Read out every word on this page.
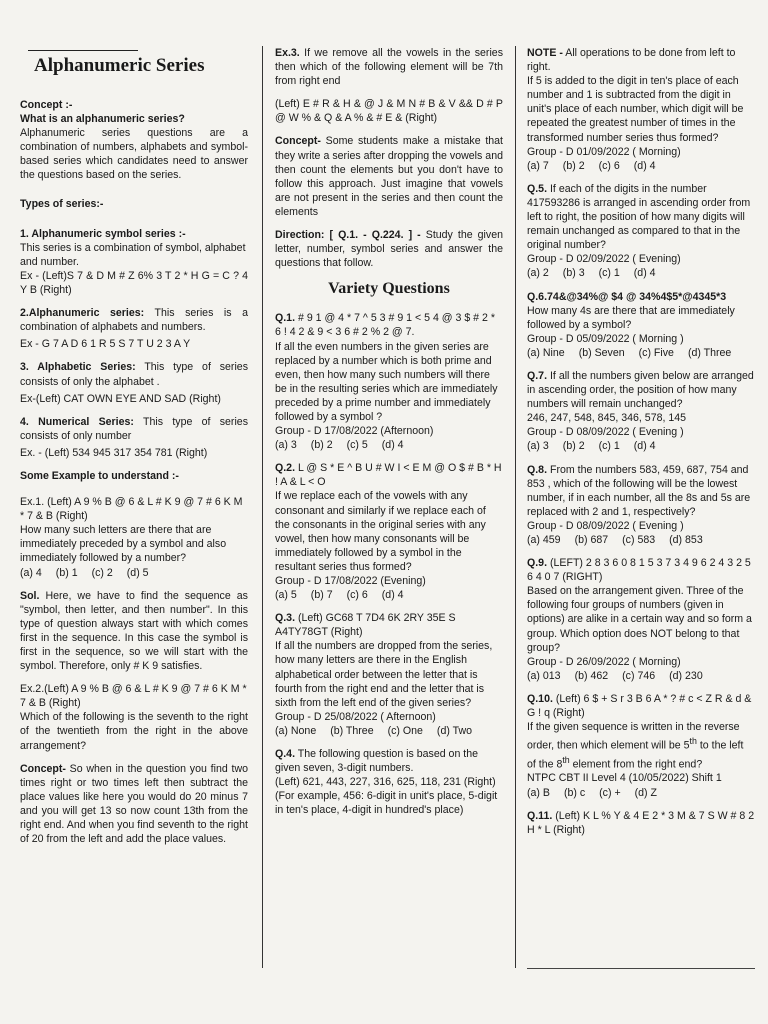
Alphanumeric Series
Concept :-
What is an alphanumeric series?

Alphanumeric series questions are a combination of numbers, alphabets and symbol-based series which candidates need to answer the questions based on the series.

Types of series:-

1. Alphanumeric symbol series :-
This series is a combination of symbol, alphabet and number.

Ex - (Left)S 7 & D M # Z 6% 3 T 2 * H G = C ? 4 Y B (Right)

2.Alphanumeric series: This series is a combination of alphabets and numbers.

Ex - G 7 A D 6 1 R 5 S 7 T U 2 3 A Y

3. Alphabetic Series: This type of series consists of only the alphabet .

Ex-(Left) CAT OWN EYE AND SAD (Right)

4. Numerical Series: This type of series consists of only number

Ex. - (Left) 534 945 317 354 781 (Right)

Some Example to understand :-

Ex.1. (Left) A 9 % B @ 6 & L # K 9 @ 7 # 6 K M * 7 & B (Right)
How many such letters are there that are immediately preceded by a symbol and also immediately followed by a number?
(a) 4 (b) 1 (c) 2 (d) 5

Sol. Here, we have to find the sequence as "symbol, then letter, and then number". In this type of question always start with which comes first in the sequence. In this case the symbol is first in the sequence, so we will start with the symbol. Therefore, only # K 9 satisfies.

Ex.2.(Left) A 9 % B @ 6 & L # K 9 @ 7 # 6 K M * 7 & B (Right)

Which of the following is the seventh to the right of the twentieth from the right in the above arrangement?

Concept- So when in the question you find two times right or two times left then subtract the place values like here you would do 20 minus 7 and you will get 13 so now count 13th from the right end. And when you find seventh to the right of 20 from the left and add the place values.

Ex.3. If we remove all the vowels in the series then which of the following element will be 7th from right end

(Left) E # R & H & @ J & M N # B & V && D # P @ W % & Q & A % & # E & (Right)

Concept- Some students make a mistake that they write a series after dropping the vowels and then count the elements but you don't have to follow this approach. Just imagine that vowels are not present in the series and then count the elements

Direction: [ Q.1. - Q.224. ] - Study the given letter, number, symbol series and answer the questions that follow.

Variety Questions
Q.1. # 9 1 @ 4 * 7 ^ 5 3 # 9 1 < 5 4 @ 3 $ # 2 * 6 ! 4 2 & 9 < 3 6 # 2 % 2 @ 7.
If all the even numbers in the given series are replaced by a number which is both prime and even, then how many such numbers will there be in the resulting series which are immediately preceded by a prime number and immediately followed by a symbol ?
Group - D 17/08/2022 (Afternoon)
(a) 3 (b) 2 (c) 5 (d) 4
Q.2. L @ S * E ^ B U # W I < E M @ O $ # B * H ! A & L < O
If we replace each of the vowels with any consonant and similarly if we replace each of the consonants in the original series with any vowel, then how many consonants will be immediately followed by a symbol in the resultant series thus formed?
Group - D 17/08/2022 (Evening)
(a) 5 (b) 7 (c) 6 (d) 4
Q.3. (Left) GC68 T 7D4 6K 2RY 35E S A4TY78GT (Right)
If all the numbers are dropped from the series, how many letters are there in the English alphabetical order between the letter that is fourth from the right end and the letter that is sixth from the left end of the given series?
Group - D 25/08/2022 ( Afternoon)
(a) None (b) Three (c) One (d) Two
Q.4. The following question is based on the given seven, 3-digit numbers.
(Left) 621, 443, 227, 316, 625, 118, 231 (Right)
(For example, 456: 6-digit in unit's place, 5-digit in ten's place, 4-digit in hundred's place)
NOTE - All operations to be done from left to right.
If 5 is added to the digit in ten's place of each number and 1 is subtracted from the digit in unit's place of each number, which digit will be repeated the greatest number of times in the transformed number series thus formed?
Group - D 01/09/2022 ( Morning)
(a) 7 (b) 2 (c) 6 (d) 4
Q.5. If each of the digits in the number 417593286 is arranged in ascending order from left to right, the position of how many digits will remain unchanged as compared to that in the original number?
Group - D 02/09/2022 ( Evening)
(a) 2 (b) 3 (c) 1 (d) 4
Q.6.74&@34%@ $4 @ 34%4$5*@4345*3
How many 4s are there that are immediately followed by a symbol?
Group - D 05/09/2022 ( Morning )
(a) Nine (b) Seven (c) Five (d) Three
Q.7. If all the numbers given below are arranged in ascending order, the position of how many numbers will remain unchanged?
246, 247, 548, 845, 346, 578, 145
Group - D 08/09/2022 ( Evening )
(a) 3 (b) 2 (c) 1 (d) 4
Q.8. From the numbers 583, 459, 687, 754 and 853 , which of the following will be the lowest number, if in each number, all the 8s and 5s are replaced with 2 and 1, respectively?
Group - D 08/09/2022 ( Evening )
(a) 459 (b) 687 (c) 583 (d) 853
Q.9. (LEFT) 2 8 3 6 0 8 1 5 3 7 3 4 9 6 2 4 3 2 5 6 4 0 7 (RIGHT)
Based on the arrangement given. Three of the following four groups of numbers (given in options) are alike in a certain way and so form a group. Which option does NOT belong to that group?
Group - D 26/09/2022 ( Morning)
(a) 013 (b) 462 (c) 746 (d) 230
Q.10. (Left) 6 $ + S r 3 B 6 A * ? # c < Z R & d & G ! q (Right)
If the given sequence is written in the reverse order, then which element will be 5th to the left of the 8th element from the right end?
NTPC CBT II Level 4 (10/05/2022) Shift 1
(a) B (b) c (c) + (d) Z
Q.11. (Left) K L % Y & 4 E 2 * 3 M & 7 S W # 8 2 H * L (Right)
